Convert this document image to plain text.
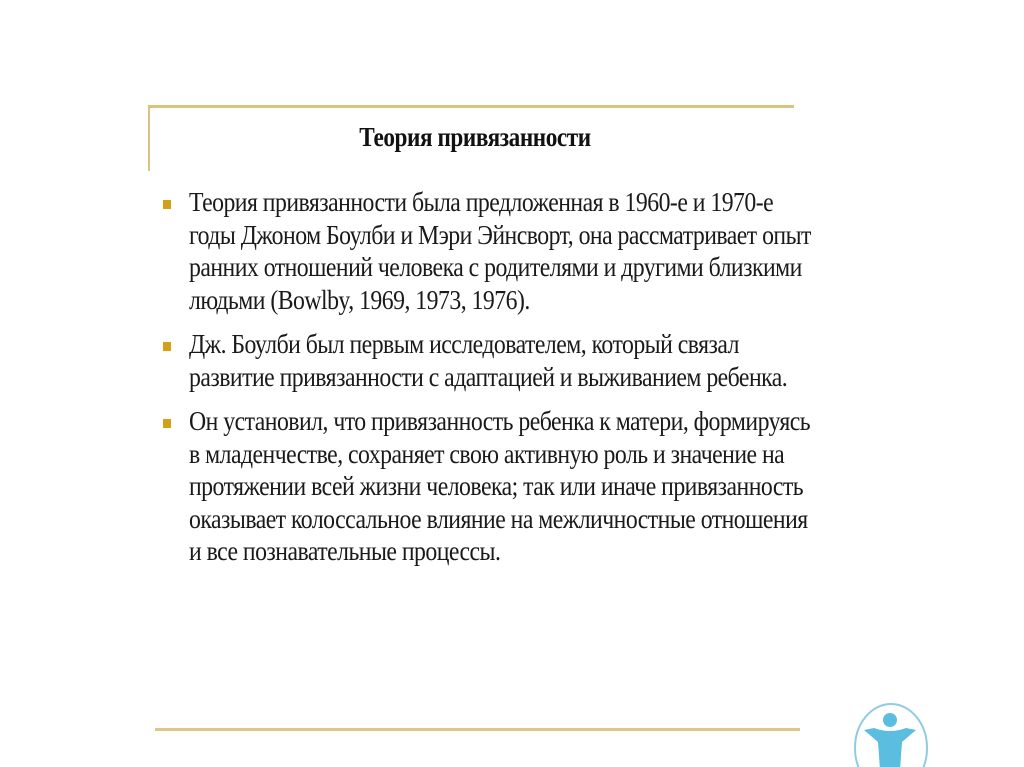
Теория привязанности
Теория привязанности была предложенная в 1960-е и 1970-е годы Джоном Боулби и Мэри Эйнсворт, она рассматривает опыт ранних отношений человека с родителями и другими близкими людьми (Bowlby, 1969, 1973, 1976).
Дж. Боулби был первым исследователем, который связал развитие привязанности с адаптацией и выживанием ребенка.
Он установил, что привязанность ребенка к матери, формируясь в младенчестве, сохраняет свою активную роль и значение на протяжении всей жизни человека; так или иначе привязанность оказывает колоссальное влияние на межличностные отношения и все познавательные процессы.
